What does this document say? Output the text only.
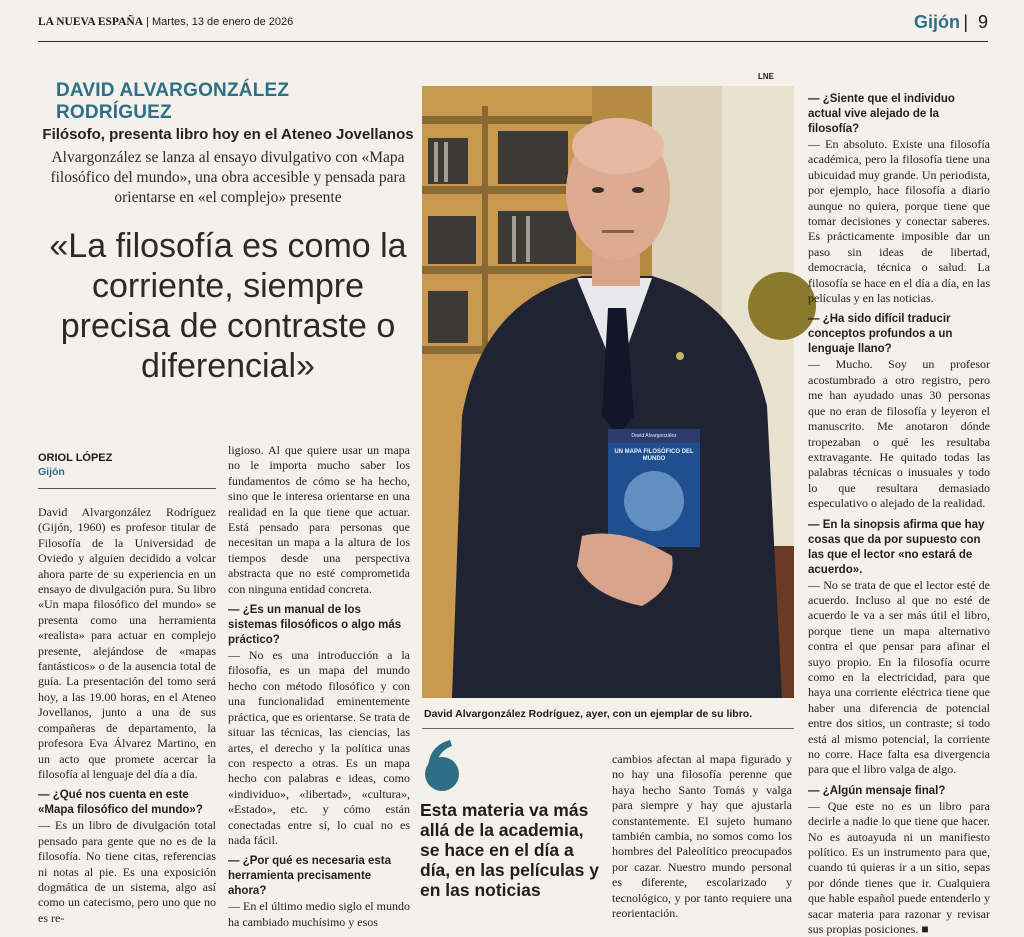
LA NUEVA ESPAÑA | Martes, 13 de enero de 2026	Gijón | 9
DAVID ALVARGONZÁLEZ RODRÍGUEZ
Filósofo, presenta libro hoy en el Ateneo Jovellanos
Alvargonzález se lanza al ensayo divulgativo con «Mapa filosófico del mundo», una obra accesible y pensada para orientarse en «el complejo» presente
«La filosofía es como la corriente, siempre precisa de contraste o diferencial»
ORIOL LÓPEZ
Gijón

David Alvargonzález Rodríguez (Gijón, 1960) es profesor titular de Filosofía de la Universidad de Oviedo y alguien decidido a volcar ahora parte de su experiencia en un ensayo de divulgación pura. Su libro «Un mapa filosófico del mundo» se presenta como una herramienta «realista» para actuar en complejo presente, alejándose de «mapas fantásticos» o de la ausencia total de guía. La presentación del tomo será hoy, a las 19.00 horas, en el Ateneo Jovellanos, junto a una de sus compañeras de departamento, la profesora Eva Álvarez Martino, en un acto que promete acercar la filosofía al lenguaje del día a día.

— ¿Qué nos cuenta en este «Mapa filosófico del mundo»?

— Es un libro de divulgación total pensado para gente que no es de la filosofía. No tiene citas, referencias ni notas al pie. Es una exposición dogmática de un sistema, algo así como un catecismo, pero uno que no es re-

ligioso. Al que quiere usar un mapa no le importa mucho saber los fundamentos de cómo se ha hecho, sino que le interesa orientarse en una realidad en la que tiene que actuar. Está pensado para personas que necesitan un mapa a la altura de los tiempos desde una perspectiva abstracta que no esté comprometida con ninguna entidad concreta.

— ¿Es un manual de los sistemas filosóficos o algo más práctico?

— No es una introducción a la filosofía, es un mapa del mundo hecho con método filosófico y con una funcionalidad eminentemente práctica, que es orientarse. Se trata de situar las técnicas, las ciencias, las artes, el derecho y la política unas con respecto a otras. Es un mapa hecho con palabras e ideas, como «individuo», «libertad», «cultura», «Estado», etc. y cómo están conectadas entre sí, lo cual no es nada fácil.

— ¿Por qué es necesaria esta herramienta precisamente ahora?

— En el último medio siglo el mundo ha cambiado muchísimo y esos

LNE
David Alvargonzález
UN MAPA FILOSÓFICO DEL MUNDO
David Alvargonzález Rodríguez, ayer, con un ejemplar de su libro.
Esta materia va más allá de la academia, se hace en el día a día, en las películas y en las noticias

cambios afectan al mapa figurado y no hay una filosofía perenne que haya hecho Santo Tomás y valga para siempre y hay que ajustarla constantemente. El sujeto humano también cambia, no somos como los hombres del Paleolítico preocupados por cazar. Nuestro mundo personal es diferente, escolarizado y tecnológico, y por tanto requiere una reorientación.

— ¿Siente que el individuo actual vive alejado de la filosofía?

— En absoluto. Existe una filosofía académica, pero la filosofía tiene una ubicuidad muy grande. Un periodista, por ejemplo, hace filosofía a diario aunque no quiera, porque tiene que tomar decisiones y conectar saberes. Es prácticamente imposible dar un paso sin ideas de libertad, democracia, técnica o salud. La filosofía se hace en el día a día, en las películas y en las noticias.

— ¿Ha sido difícil traducir conceptos profundos a un lenguaje llano?

— Mucho. Soy un profesor acostumbrado a otro registro, pero me han ayudado unas 30 personas que no eran de filosofía y leyeron el manuscrito. Me anotaron dónde tropezaban o qué les resultaba extravagante. He quitado todas las palabras técnicas o inusuales y todo lo que resultara demasiado especulativo o alejado de la realidad.

— En la sinopsis afirma que hay cosas que da por supuesto con las que el lector «no estará de acuerdo».

— No se trata de que el lector esté de acuerdo. Incluso al que no esté de acuerdo le va a ser más útil el libro, porque tiene un mapa alternativo contra el que pensar para afinar el suyo propio. En la filosofía ocurre como en la electricidad, para que haya una corriente eléctrica tiene que haber una diferencia de potencial entre dos sitios, un contraste; si todo está al mismo potencial, la corriente no corre. Hace falta esa divergencia para que el libro valga de algo.

— ¿Algún mensaje final?

— Que este no es un libro para decirle a nadie lo que tiene que hacer. No es autoayuda ni un manifiesto político. Es un instrumento para que, cuando tú quieras ir a un sitio, sepas por dónde tienes que ir. Cualquiera que hable español puede entenderlo y sacar materia para razonar y revisar sus propias posiciones. ■
